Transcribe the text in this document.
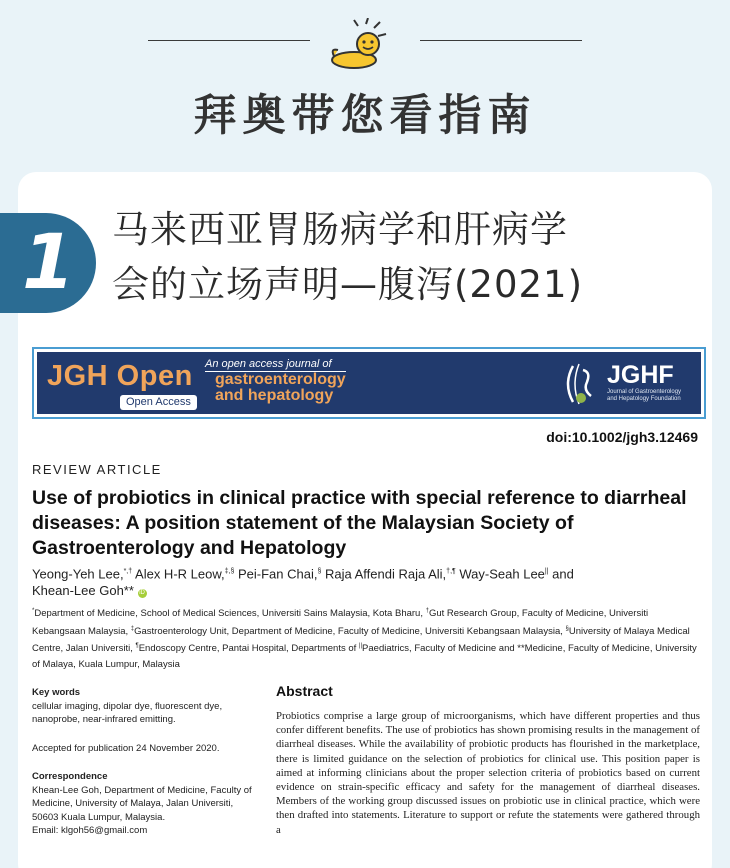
拜奥带您看指南
1 马来西亚胃肠病学和肝病学
会的立场声明—腹泻(2021)
JGH Open
Open Access
An open access journal of
gastroenterology
and hepatology
JGHF
Journal of Gastroenterology
and Hepatology Foundation
doi:10.1002/jgh3.12469
REVIEW ARTICLE
Use of probiotics in clinical practice with special reference to diarrheal diseases: A position statement of the Malaysian Society of Gastroenterology and Hepatology
Yeong-Yeh Lee,*,† Alex H-R Leow,‡,§ Pei-Fan Chai,§ Raja Affendi Raja Ali,†,¶ Way-Seah Lee|| and
Khean-Lee Goh** iD
*Department of Medicine, School of Medical Sciences, Universiti Sains Malaysia, Kota Bharu, †Gut Research Group, Faculty of Medicine, Universiti Kebangsaan Malaysia, ‡Gastroenterology Unit, Department of Medicine, Faculty of Medicine, Universiti Kebangsaan Malaysia, §University of Malaya Medical Centre, Jalan Universiti, ¶Endoscopy Centre, Pantai Hospital, Departments of ||Paediatrics, Faculty of Medicine and **Medicine, Faculty of Medicine, University of Malaya, Kuala Lumpur, Malaysia
Key words
cellular imaging, dipolar dye, fluorescent dye, nanoprobe, near-infrared emitting.
Accepted for publication 24 November 2020.
Correspondence
Khean-Lee Goh, Department of Medicine, Faculty of Medicine, University of Malaya, Jalan Universiti, 50603 Kuala Lumpur, Malaysia.
Email: klgoh56@gmail.com
Abstract
Probiotics comprise a large group of microorganisms, which have different properties and thus confer different benefits. The use of probiotics has shown promising results in the management of diarrheal diseases. While the availability of probiotic products has flourished in the marketplace, there is limited guidance on the selection of probiotics for clinical use. This position paper is aimed at informing clinicians about the proper selection criteria of probiotics based on current evidence on strain-specific efficacy and safety for the management of diarrheal diseases. Members of the working group discussed issues on probiotic use in clinical practice, which were then drafted into statements. Literature to support or refute the statements were gathered through a
